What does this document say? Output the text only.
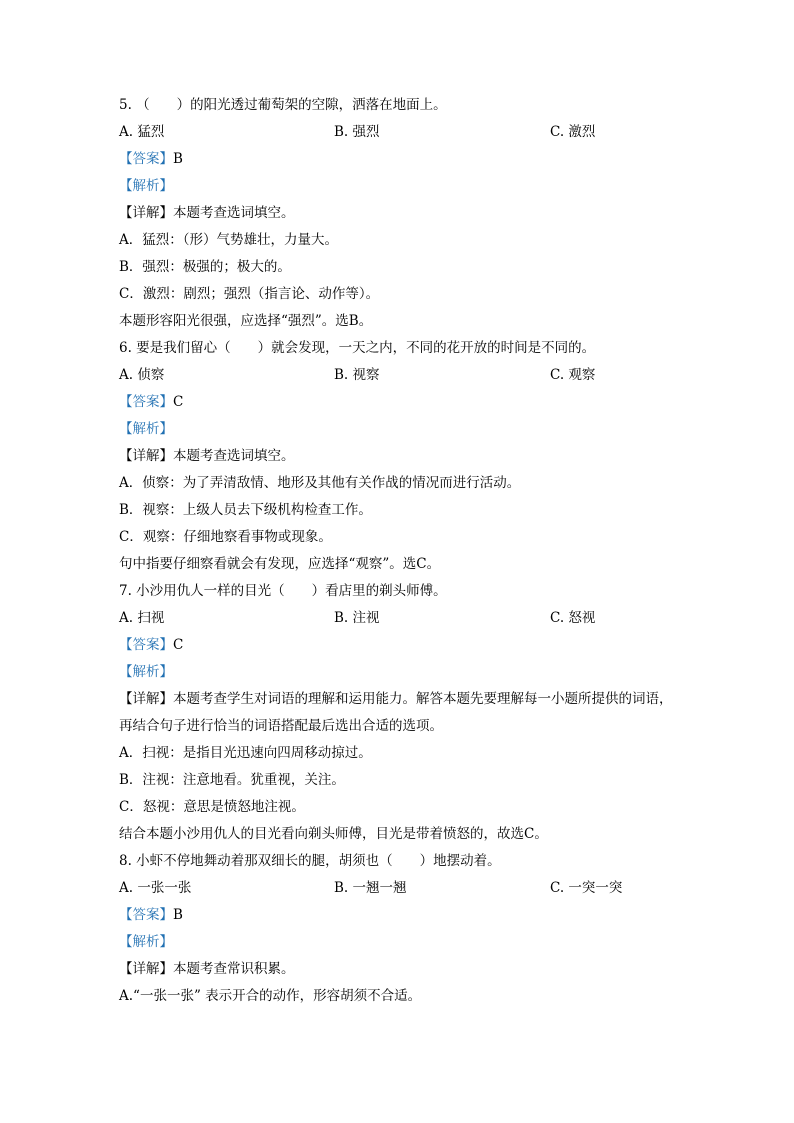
5. （　　）的阳光透过葡萄架的空隙，洒落在地面上。
A. 猛烈	B. 强烈	C. 激烈
【答案】B
【解析】
【详解】本题考查选词填空。
A．猛烈：（形）气势雄壮，力量大。
B．强烈：极强的；极大的。
C．激烈：剧烈；强烈（指言论、动作等）。
本题形容阳光很强，应选择“强烈”。选B。
6. 要是我们留心（　　）就会发现，一天之内，不同的花开放的时间是不同的。
A. 侦察	B. 视察	C. 观察
【答案】C
【解析】
【详解】本题考查选词填空。
A．侦察：为了弄清敌情、地形及其他有关作战的情况而进行活动。
B．视察：上级人员去下级机构检查工作。
C．观察：仔细地察看事物或现象。
句中指要仔细察看就会有发现，应选择“观察”。选C。
7. 小沙用仇人一样的目光（　　）看店里的剃头师傅。
A. 扫视	B. 注视	C. 怒视
【答案】C
【解析】
【详解】本题考查学生对词语的理解和运用能力。解答本题先要理解每一小题所提供的词语，再结合句子进行恰当的词语搭配最后选出合适的选项。
A．扫视：是指目光迅速向四周移动掠过。
B．注视：注意地看。犹重视，关注。
C．怒视：意思是愤怒地注视。
结合本题小沙用仇人的目光看向剃头师傅，目光是带着愤怒的，故选C。
8. 小虾不停地舞动着那双细长的腿，胡须也（　　）地摆动着。
A. 一张一张	B. 一翘一翘	C. 一突一突
【答案】B
【解析】
【详解】本题考查常识积累。
A.“一张一张” 表示开合的动作，形容胡须不合适。
